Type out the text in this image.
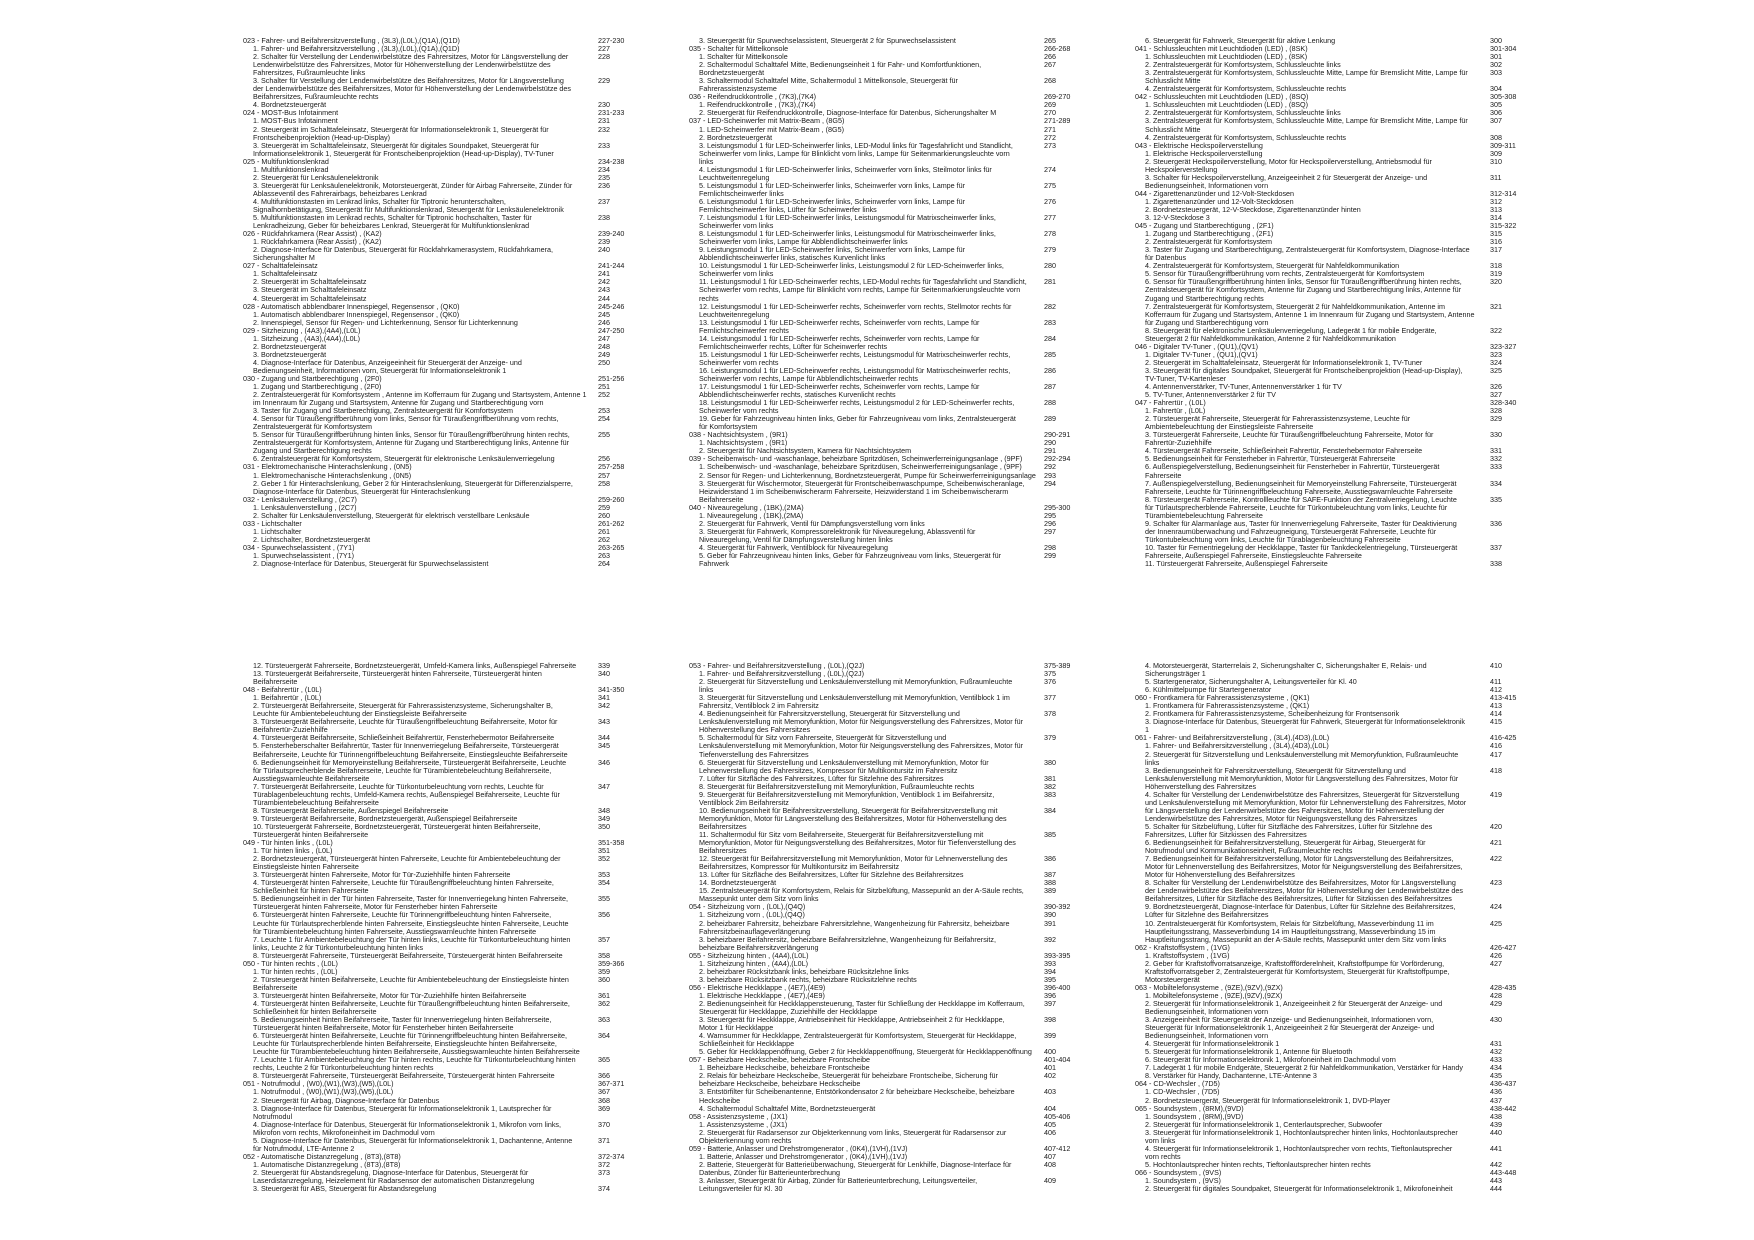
023 - Fahrer- und Beifahrersitzverstellung , (3L3),(L0L),(Q1A),(Q1D)	227-230
1. Fahrer- und Beifahrersitzverstellung , (3L3),(L0L),(Q1A),(Q1D)	227
2. Schalter für Verstellung der Lendenwirbelstütze des Fahrersitzes, Motor für Längsverstellung der	228
Lendenwirbelstütze des Fahrersitzes, Motor für Höhenverstellung der Lendenwirbelstütze des
Fahrersitzes, Fußraumleuchte links
3. Schalter für Verstellung der Lendenwirbelstütze des Beifahrersitzes, Motor für Längsverstellung	229
der Lendenwirbelstütze des Beifahrersitzes, Motor für Höhenverstellung der Lendenwirbelstütze des
Beifahrersitzes, Fußraumleuchte rechts
4. Bordnetzsteuergerät	230
024 - MOST-Bus Infotainment	231-233
1. MOST-Bus Infotainment	231
2. Steuergerät im Schalttafeleinsatz, Steuergerät für Informationselektronik 1, Steuergerät für	232
Frontscheibenprojektion (Head-up-Display)
3. Steuergerät im Schalttafeleinsatz, Steuergerät für digitales Soundpaket, Steuergerät für	233
Informationselektronik 1, Steuergerät für Frontscheibenprojektion (Head-up-Display), TV-Tuner
025 - Multifunktionslenkrad	234-238
1. Multifunktionslenkrad	234
2. Steuergerät für Lenksäulenelektronik	235
3. Steuergerät für Lenksäulenelektronik, Motorsteuergerät, Zünder für Airbag Fahrerseite, Zünder für	236
Ablasseventil des Fahrerairbags, beheizbares Lenkrad
4. Multifunktionstasten im Lenkrad links, Schalter für Tiptronic herunterschalten,	237
Signalhornbetätigung, Steuergerät für Multifunktionslenkrad, Steuergerät für Lenksäulenelektronik
5. Multifunktionstasten im Lenkrad rechts, Schalter für Tiptronic hochschalten, Taster für	238
Lenkradheizung, Geber für beheizbares Lenkrad, Steuergerät für Multifunktionslenkrad
026 - Rückfahrkamera (Rear Assist) , (KA2)	239-240
1. Rückfahrkamera (Rear Assist) , (KA2)	239
2. Diagnose-Interface für Datenbus, Steuergerät für Rückfahrkamerasystem, Rückfahrkamera,	240
Sicherungshalter M
027 - Schalttafeleinsatz	241-244
1. Schalttafeleinsatz	241
2. Steuergerät im Schalttafeleinsatz	242
3. Steuergerät im Schalttafeleinsatz	243
4. Steuergerät im Schalttafeleinsatz	244
028 - Automatisch abblendbarer Innenspiegel, Regensensor , (QK0)	245-246
1. Automatisch abblendbarer Innenspiegel, Regensensor , (QK0)	245
2. Innenspiegel, Sensor für Regen- und Lichterkennung, Sensor für Lichterkennung	246
029 - Sitzheizung , (4A3),(4A4),(L0L)	247-250
1. Sitzheizung , (4A3),(4A4),(L0L)	247
2. Bordnetzsteuergerät	248
3. Bordnetzsteuergerät	249
4. Diagnose-Interface für Datenbus, Anzeigeeinheit für Steuergerät der Anzeige- und	250
Bedienungseinheit, Informationen vorn, Steuergerät für Informationselektronik 1
030 - Zugang und Startberechtigung , (2F0)	251-256
1. Zugang und Startberechtigung , (2F0)	251
2. Zentralsteuergerät für Komfortsystem , Antenne im Kofferraum für Zugang und Startsystem, Antenne 1 252
im Innenraum für Zugang und Startsystem, Antenne für Zugang und Startberechtigung vorn
3. Taster für Zugang und Startberechtigung, Zentralsteuergerät für Komfortsystem	253
4. Sensor für Türaußengriffberührung vorn links, Sensor für Türaußengriffberührung vorn rechts,	254
Zentralsteuergerät für Komfortsystem
5. Sensor für Türaußengriffberührung hinten links, Sensor für Türaußengriffberührung hinten rechts,	255
Zentralsteuergerät für Komfortsystem, Antenne für Zugang und Startberechtigung links, Antenne für
Zugang und Startberechtigung rechts
6. Zentralsteuergerät für Komfortsystem, Steuergerät für elektronische Lenksäulenverriegelung	256
031 - Elektromechanische Hinterachslenkung , (0N5)	257-258
1. Elektromechanische Hinterachslenkung , (0N5)	257
2. Geber 1 für Hinterachslenkung, Geber 2 für Hinterachslenkung, Steuergerät für Differenzialsperre,	258
Diagnose-Interface für Datenbus, Steuergerät für Hinterachslenkung
032 - Lenksäulenverstellung , (2C7)	259-260
1. Lenksäulenverstellung , (2C7)	259
2. Schalter für Lenksäulenverstellung, Steuergerät für elektrisch verstellbare Lenksäule	260
033 - Lichtschalter	261-262
1. Lichtschalter	261
2. Lichtschalter, Bordnetzsteuergerät	262
034 - Spurwechselassistent , (7Y1)	263-265
1. Spurwechselassistent , (7Y1)	263
2. Diagnose-Interface für Datenbus, Steuergerät für Spurwechselassistent	264
3. Steuergerät für Spurwechselassistent, Steuergerät 2 für Spurwechselassistent	265
035 - Schalter für Mittelkonsole	266-268
1. Schalter für Mittelkonsole	266
2. Schaltermodul Schalttafel Mitte, Bedienungseinheit 1 für Fahr- und Komfortfunktionen,	267
Bordnetzsteuergerät
3. Schaltermodul Schalttafel Mitte, Schaltermodul 1 Mittelkonsole, Steuergerät für	268
Fahrerassistenzsysteme
036 - Reifendruckkontrolle , (7K3),(7K4)	269-270
1. Reifendruckkontrolle , (7K3),(7K4)	269
2. Steuergerät für Reifendruckkontrolle, Diagnose-Interface für Datenbus, Sicherungshalter M	270
037 - LED-Scheinwerfer mit Matrix-Beam , (8G5)	271-289
1. LED-Scheinwerfer mit Matrix-Beam , (8G5)	271
2. Bordnetzsteuergerät	272
3. Leistungsmodul 1 für LED-Scheinwerfer links, LED-Modul links für Tagesfahrlicht und Standlicht,	273
Scheinwerfer vorn links, Lampe für Blinklicht vorn links, Lampe für Seitenmarkierungsleuchte vorn
links
4. Leistungsmodul 1 für LED-Scheinwerfer links, Scheinwerfer vorn links, Steilmotor links für	274
Leuchtweitenregelung
5. Leistungsmodul 1 für LED-Scheinwerfer links, Scheinwerfer vorn links, Lampe für	275
Fernlichtscheinwerfer links
6. Leistungsmodul 1 für LED-Scheinwerfer links, Scheinwerfer vorn links, Lampe für	276
Fernlichtscheinwerfer links, Lüfter für Scheinwerfer links
7. Leistungsmodul 1 für LED-Scheinwerfer links, Leistungsmodul für Matrixscheinwerfer links,	277
Scheinwerfer vorn links
8. Leistungsmodul 1 für LED-Scheinwerfer links, Leistungsmodul für Matrixscheinwerfer links,	278
Scheinwerfer vorn links, Lampe für Abblendlichtscheinwerfer links
9. Leistungsmodul 1 für LED-Scheinwerfer links, Scheinwerfer vorn links, Lampe für	279
Abblendlichtscheinwerfer links, statisches Kurvenlicht links
10. Leistungsmodul 1 für LED-Scheinwerfer links, Leistungsmodul 2 für LED-Scheinwerfer links,	280
Scheinwerfer vorn links
11. Leistungsmodul 1 für LED-Scheinwerfer rechts, LED-Modul rechts für Tagesfahrlicht und Standlicht, 281
Scheinwerfer vorn rechts, Lampe für Blinklicht vorn rechts, Lampe für Seitenmarkierungsleuchte vorn
rechts
12. Leistungsmodul 1 für LED-Scheinwerfer rechts, Scheinwerfer vorn rechts, Stellmotor rechts für	282
Leuchtweitenregelung
13. Leistungsmodul 1 für LED-Scheinwerfer rechts, Scheinwerfer vorn rechts, Lampe für	283
Fernlichtscheinwerfer rechts
14. Leistungsmodul 1 für LED-Scheinwerfer rechts, Scheinwerfer vorn rechts, Lampe für	284
Fernlichtscheinwerfer rechts, Lüfter für Scheinwerfer rechts
15. Leistungsmodul 1 für LED-Scheinwerfer rechts, Leistungsmodul für Matrixscheinwerfer rechts,	285
Scheinwerfer vorn rechts
16. Leistungsmodul 1 für LED-Scheinwerfer rechts, Leistungsmodul für Matrixscheinwerfer rechts,	286
Scheinwerfer vorn rechts, Lampe für Abblendlichtscheinwerfer rechts
17. Leistungsmodul 1 für LED-Scheinwerfer rechts, Scheinwerfer vorn rechts, Lampe für	287
Abblendlichtscheinwerfer rechts, statisches Kurvenlicht rechts
18. Leistungsmodul 1 für LED-Scheinwerfer rechts, Leistungsmodul 2 für LED-Scheinwerfer rechts,	288
Scheinwerfer vorn rechts
19. Geber für Fahrzeugniveau hinten links, Geber für Fahrzeugniveau vorn links, Zentralsteuergerät	289
für Komfortsystem
038 - Nachtsichtsystem , (9R1)	290-291
1. Nachtsichtsystem , (9R1)	290
2. Steuergerät für Nachtsichtsystem, Kamera für Nachtsichtsystem	291
039 - Scheibenwisch- und -waschanlage, beheizbare Spritzdüsen, Scheinwerferreinigungsanlage , (9PF)	292-294
1. Scheibenwisch- und -waschanlage, beheizbare Spritzdüsen, Scheinwerferreinigungsanlage , (9PF)	292
2. Sensor für Regen- und Lichterkennung, Bordnetzsteuergerät, Pumpe für Scheinwerferreinigungsanlage 293
3. Steuergerät für Wischermotor, Steuergerät für Frontscheibenwaschpumpe, Scheibenwischeranlage,	294
Heizwiderstand 1 im Scheibenwischerarm Fahrerseite, Heizwiderstand 1 im Scheibenwischerarm
Beifahrerseite
040 - Niveauregelung , (1BK),(2MA)	295-300
1. Niveauregelung , (1BK),(2MA)	295
2. Steuergerät für Fahrwerk, Ventil für Dämpfungsverstellung vorn links	296
3. Steuergerät für Fahrwerk, Kompressorelektronik für Niveauregelung, Ablassventil für	297
Niveauregelung, Ventil für Dämpfungsverstellung hinten links
4. Steuergerät für Fahrwerk, Ventilblock für Niveauregelung	298
5. Geber für Fahrzeugniveau hinten links, Geber für Fahrzeugniveau vorn links, Steuergerät für	299
Fahrwerk
6. Steuergerät für Fahrwerk, Steuergerät für aktive Lenkung	300
041 - Schlussleuchten mit Leuchtdioden (LED) , (8SK)	301-304
1. Schlussleuchten mit Leuchtdioden (LED) , (8SK)	301
2. Zentralsteuergerät für Komfortsystem, Schlussleuchte links	302
3. Zentralsteuergerät für Komfortsystem, Schlussleuchte Mitte, Lampe für Bremslicht Mitte, Lampe für	303
Schlusslicht Mitte
4. Zentralsteuergerät für Komfortsystem, Schlussleuchte rechts	304
042 - Schlussleuchten mit Leuchtdioden (LED) , (8SQ)	305-308
1. Schlussleuchten mit Leuchtdioden (LED) , (8SQ)	305
2. Zentralsteuergerät für Komfortsystem, Schlussleuchte links	306
3. Zentralsteuergerät für Komfortsystem, Schlussleuchte Mitte, Lampe für Bremslicht Mitte, Lampe für	307
Schlusslicht Mitte
4. Zentralsteuergerät für Komfortsystem, Schlussleuchte rechts	308
043 - Elektrische Heckspoilerverstellung	309-311
1. Elektrische Heckspoilerverstellung	309
2. Steuergerät Heckspoilerverstellung, Motor für Heckspoilerverstellung, Antriebsmodul für	310
Heckspoilerverstellung
3. Schalter für Heckspoilerverstellung, Anzeigeeinheit 2 für Steuergerät der Anzeige- und	311
Bedienungseinheit, Informationen vorn
044 - Zigarettenanzünder und 12-Volt-Steckdosen	312-314
1. Zigarettenanzünder und 12-Volt-Steckdosen	312
2. Bordnetzsteuergerät, 12-V-Steckdose, Zigarettenanzünder hinten	313
3. 12-V-Steckdose 3	314
045 - Zugang und Startberechtigung , (2F1)	315-322
1. Zugang und Startberechtigung , (2F1)	315
2. Zentralsteuergerät für Komfortsystem	316
3. Taster für Zugang und Startberechtigung, Zentralsteuergerät für Komfortsystem, Diagnose-Interface	317
für Datenbus
4. Zentralsteuergerät für Komfortsystem, Steuergerät für Nahfeldkommunikation	318
5. Sensor für Türaußengriffberührung vorn rechts, Zentralsteuergerät für Komfortsystem	319
6. Sensor für Türaußengriffberührung hinten links, Sensor für Türaußengriffberührung hinten rechts,	320
Zentralsteuergerät für Komfortsystem, Antenne für Zugang und Startberechtigung links, Antenne für
Zugang und Startberechtigung rechts
7. Zentralsteuergerät für Komfortsystem, Steuergerät 2 für Nahfeldkommunikation, Antenne im	321
Kofferraum für Zugang und Startsystem, Antenne 1 im Innenraum für Zugang und Startsystem, Antenne
für Zugang und Startberechtigung vorn
8. Steuergerät für elektronische Lenksäulenverriegelung, Ladegerät 1 für mobile Endgeräte,	322
Steuergerät 2 für Nahfeldkommunikation, Antenne 2 für Nahfeldkommunikation
046 - Digitaler TV-Tuner , (QU1),(QV1)	323-327
1. Digitaler TV-Tuner , (QU1),(QV1)	323
2. Steuergerät im Schalttafeleinsatz, Steuergerät für Informationselektronik 1, TV-Tuner	324
3. Steuergerät für digitales Soundpaket, Steuergerät für Frontscheibenprojektion (Head-up-Display),	325
TV-Tuner, TV-Kartenleser
4. Antennenverstärker, TV-Tuner, Antennenverstärker 1 für TV	326
5. TV-Tuner, Antennenverstärker 2 für TV	327
047 - Fahrertür , (L0L)	328-340
1. Fahrertür , (L0L)	328
2. Türsteuergerät Fahrerseite, Steuergerät für Fahrerassistenzsysteme, Leuchte für	329
Ambientebeleuchtung der Einstiegsleiste Fahrerseite
3. Türsteuergerät Fahrerseite, Leuchte für Türaußengriffbeleuchtung Fahrerseite, Motor für	330
Fahrertür-Zuziehhilfe
4. Türsteuergerät Fahrerseite, Schließeinheit Fahrertür, Fensterhebermotor Fahrerseite	331
5. Bedienungseinheit für Fensterheber in Fahrertür, Türsteuergerät Fahrerseite	332
6. Außenspiegelverstellung, Bedienungseinheit für Fensterheber in Fahrertür, Türsteuergerät	333
Fahrerseite
7. Außenspiegelverstellung, Bedienungseinheit für Memoryeinstellung Fahrerseite, Türsteuergerät	334
Fahrerseite, Leuchte für Türinnengriffbeleuchtung Fahrerseite, Ausstiegswarnleuchte Fahrerseite
8. Türsteuergerät Fahrerseite, Kontrollleuchte für SAFE-Funktion der Zentralverriegelung, Leuchte	335
für Türlautsprecherblende Fahrerseite, Leuchte für Türkontubeleuchtung vorn links, Leuchte für
Türambientebeleuchtung Fahrerseite
9. Schalter für Alarmanlage aus, Taster für Innenverriegelung Fahrerseite, Taster für Deaktivierung	336
der Innenraumüberwachung und Fahrzeugneigung, Türsteuergerät Fahrerseite, Leuchte für
Türkontubeleuchtung vorn links, Leuchte für Türablagenbeleuchtung Fahrerseite
10. Taster für Fernentriegelung der Heckklappe, Taster für Tankdeckelentriegelung, Türsteuergerät	337
Fahrerseite, Außenspiegel Fahrerseite, Einstiegsleuchte Fahrerseite
11. Türsteuergerät Fahrerseite, Außenspiegel Fahrerseite	338
12. Türsteuergerät Fahrerseite, Bordnetzsteuergerät, Umfeld-Kamera links, Außenspiegel Fahrerseite	339
13. Türsteuergerät Beifahrerseite, Türsteuergerät hinten Fahrerseite, Türsteuergerät hinten	340
Beifahrerseite
048 - Beifahrertür , (L0L)	341-350
1. Beifahrertür , (L0L)	341
2. Türsteuergerät Beifahrerseite, Steuergerät für Fahrerassistenzsysteme, Sicherungshalter B,	342
Leuchte für Ambientebeleuchtung der Einstiegsleiste Beifahrerseite
3. Türsteuergerät Beifahrerseite, Leuchte für Türaußengriffbeleuchtung Beifahrerseite, Motor für	343
Beifahrertür-Zuziehhilfe
4. Türsteuergerät Beifahrerseite, Schließeinheit Beifahrertür, Fensterhebermotor Beifahrerseite	344
5. Fensterheberschalter Beifahrertür, Taster für Innenverriegelung Beifahrerseite, Türsteuergerät	345
Beifahrerseite, Leuchte für Türinnengriffbeleuchtung Beifahrerseite, Einstiegsleuchte Beifahrerseite
6. Bedienungseinheit für Memoryeinstellung Beifahrerseite, Türsteuergerät Beifahrerseite, Leuchte	346
für Türlautsprecherblende Beifahrerseite, Leuchte für Türambientebeleuchtung Beifahrerseite,
Ausstiegswarnleuchte Beifahrerseite
7. Türsteuergerät Beifahrerseite, Leuchte für Türkonturbeleuchtung vorn rechts, Leuchte für	347
Türablagenbeleuchtung rechts, Umfeld-Kamera rechts, Außenspiegel Beifahrerseite, Leuchte für
Türambientebeleuchtung Beifahrerseite
8. Türsteuergerät Beifahrerseite, Außenspiegel Beifahrerseite	348
9. Türsteuergerät Beifahrerseite, Bordnetzsteuergerät, Außenspiegel Beifahrerseite	349
10. Türsteuergerät Fahrerseite, Bordnetzsteuergerät, Türsteuergerät hinten Beifahrerseite,	350
Türsteuergerät hinten Beifahrerseite
049 - Tür hinten links , (L0L)	351-358
1. Tür hinten links , (L0L)	351
2. Bordnetzsteuergerät, Türsteuergerät hinten Fahrerseite, Leuchte für Ambientebeleuchtung der	352
Einstiegsleiste hinten Fahrerseite
3. Türsteuergerät hinten Fahrerseite, Motor für Tür-Zuziehhilfe hinten Fahrerseite	353
4. Türsteuergerät hinten Fahrerseite, Leuchte für Türaußengriffbeleuchtung hinten Fahrerseite,	354
Schließeinheit für hinten Fahrerseite
5. Bedienungseinheit in der Tür hinten Fahrerseite, Taster für Innenverriegelung hinten Fahrerseite,	355
Türsteuergerät hinten Fahrerseite, Motor für Fensterheber hinten Fahrerseite
6. Türsteuergerät hinten Fahrerseite, Leuchte für Türinnengriffbeleuchtung hinten Fahrerseite,	356
Leuchte für Türlautsprecherblende hinten Fahrerseite, Einstiegsleuchte hinten Fahrerseite, Leuchte
für Türambientebeleuchtung hinten Fahrerseite, Ausstiegswarnleuchte hinten Fahrerseite
7. Leuchte 1 für Ambientebeleuchtung der Tür hinten links, Leuchte für Türkonturbeleuchtung hinten	357
links, Leuchte 2 für Türkonturbeleuchtung hinten links
8. Türsteuergerät Fahrerseite, Türsteuergerät Beifahrerseite, Türsteuergerät hinten Beifahrerseite	358
050 - Tür hinten rechts , (L0L)	359-366
1. Tür hinten rechts , (L0L)	359
2. Türsteuergerät hinten Beifahrerseite, Leuchte für Ambientebeleuchtung der Einstiegsleiste hinten	360
Beifahrerseite
3. Türsteuergerät hinten Beifahrerseite, Motor für Tür-Zuziehhilfe hinten Beifahrerseite	361
4. Türsteuergerät hinten Beifahrerseite, Leuchte für Türaußengriffbeleuchtung hinten Beifahrerseite,	362
Schließeinheit für hinten Beifahrerseite
5. Bedienungseinheit hinten Beifahrerseite, Taster für Innenverriegelung hinten Beifahrerseite,	363
Türsteuergerät hinten Beifahrerseite, Motor für Fensterheber hinten Beifahrerseite
6. Türsteuergerät hinten Beifahrerseite, Leuchte für Türinnengriffbeleuchtung hinten Beifahrerseite,	364
Leuchte für Türlautsprecherblende hinten Beifahrerseite, Einstiegsleuchte hinten Beifahrerseite,
Leuchte für Türambientebeleuchtung hinten Beifahrerseite, Ausstiegswarnleuchte hinten Beifahrerseite
7. Leuchte 1 für Ambientebeleuchtung der Tür hinten rechts, Leuchte für Türkonturbeleuchtung hinten	365
rechts, Leuchte 2 für Türkonturbeleuchtung hinten rechts
8. Türsteuergerät Fahrerseite, Türsteuergerät Beifahrerseite, Türsteuergerät hinten Fahrerseite	366
051 - Notrufmodul , (W0),(W1),(W3),(W5),(L0L)	367-371
1. Notrufmodul , (W0),(W1),(W3),(W5),(L0L)	367
2. Steuergerät für Airbag, Diagnose-Interface für Datenbus	368
3. Diagnose-Interface für Datenbus, Steuergerät für Informationselektronik 1, Lautsprecher für	369
Notrufmodul
4. Diagnose-Interface für Datenbus, Steuergerät für Informationselektronik 1, Mikrofon vorn links,	370
Mikrofon vorn rechts, Mikrofoneinheit im Dachmodul vorn
5. Diagnose-Interface für Datenbus, Steuergerät für Informationselektronik 1, Dachantenne, Antenne	371
für Notrufmodul, LTE-Antenne 2
052 - Automatische Distanzregelung , (8T3),(8T8)	372-374
1. Automatische Distanzregelung , (8T3),(8T8)	372
2. Steuergerät für Abstandsregelung, Diagnose-Interface für Datenbus, Steuergerät für	373
Laserdistanzregelung, Heizelement für Radarsensor der automatischen Distanzregelung
3. Steuergerät für ABS, Steuergerät für Abstandsregelung	374
053 - Fahrer- und Beifahrersitzverstellung , (L0L),(Q2J)	375-389
1. Fahrer- und Beifahrersitzverstellung , (L0L),(Q2J)	375
2. Steuergerät für Sitzverstellung und Lenksäulenverstellung mit Memoryfunktion, Fußraumleuchte	376
links
3. Steuergerät für Sitzverstellung und Lenksäulenverstellung mit Memoryfunktion, Ventilblock 1 im	377
Fahrersitz, Ventilblock 2 im Fahrersitz
4. Bedienungseinheit für Fahrersitzverstellung, Steuergerät für Sitzverstellung und	378
Lenksäulenverstellung mit Memoryfunktion, Motor für Neigungsverstellung des Fahrersitzes, Motor für
Höhenverstellung des Fahrersitzes
5. Schaltermodul für Sitz vorn Fahrerseite, Steuergerät für Sitzverstellung und	379
Lenksäulenverstellung mit Memoryfunktion, Motor für Neigungsverstellung des Fahrersitzes, Motor für
Tiefenverstellung des Fahrersitzes
6. Steuergerät für Sitzverstellung und Lenksäulenverstellung mit Memoryfunktion, Motor für	380
Lehnenverstellung des Fahrersitzes, Kompressor für Multikontursitz im Fahrersitz
7. Lüfter für Sitzfläche des Fahrersitzes, Lüfter für Sitzlehne des Fahrersitzes	381
8. Steuergerät für Beifahrersitzverstellung mit Memoryfunktion, Fußraumleuchte rechts	382
9. Steuergerät für Beifahrersitzverstellung mit Memoryfunktion, Ventilblock 1 im Beifahrersitz,	383
Ventilblock 2im Beifahrersitz
10. Bedienungseinheit für Beifahrersitzverstellung, Steuergerät für Beifahrersitzverstellung mit	384
Memoryfunktion, Motor für Längsverstellung des Beifahrersitzes, Motor für Höhenverstellung des
Beifahrersitzes
11. Schaltermodul für Sitz vorn Beifahrerseite, Steuergerät für Beifahrersitzverstellung mit	385
Memoryfunktion, Motor für Neigungsverstellung des Beifahrersitzes, Motor für Tiefenverstellung des
Beifahrersitzes
12. Steuergerät für Beifahrersitzverstellung mit Memoryfunktion, Motor für Lehnenverstellung des	386
Beifahrersitzes, Kompressor für Multikontursitz im Beifahrersitz
13. Lüfter für Sitzfläche des Beifahrersitzes, Lüfter für Sitzlehne des Beifahrersitzes	387
14. Bordnetzsteuergerät	388
15. Zentralsteuergerät für Komfortsystem, Relais für Sitzbelüftung, Massepunkt an der A-Säule rechts,	389
Massepunkt unter dem Sitz vorn links
054 - Sitzheizung vorn , (L0L),(Q4Q)	390-392
1. Sitzheizung vorn , (L0L),(Q4Q)	390
2. beheizbarer Fahrersitz, beheizbare Fahrersitzlehne, Wangenheizung für Fahrersitz, beheizbare	391
Fahrersitzbeinauflageverlängerung
3. beheizbarer Beifahrersitz, beheizbare Beifahrersitzlehne, Wangenheizung für Beifahrersitz,	392
beheizbare Beifahrersitzverlängerung
055 - Sitzheizung hinten , (4A4),(L0L)	393-395
1. Sitzheizung hinten , (4A4),(L0L)	393
2. beheizbarer Rücksitzbank links, beheizbare Rücksitzlehne links	394
3. beheizbare Rücksitzbank rechts, beheizbare Rücksitzlehne rechts	395
056 - Elektrische Heckklappe , (4E7),(4E9)	396-400
1. Elektrische Heckklappe , (4E7),(4E9)	396
2. Bedienungseinheit für Heckklappensteuerung, Taster für Schließung der Heckklappe im Kofferraum,	397
Steuergerät für Heckklappe, Zuziehhilfe der Heckklappe
3. Steuergerät für Heckklappe, Antriebseinheit für Heckklappe, Antriebseinheit 2 für Heckklappe,	398
Motor 1 für Heckklappe
4. Warnsummer für Heckklappe, Zentralsteuergerät für Komfortsystem, Steuergerät für Heckklappe,	399
Schließeinheit für Heckklappe
5. Geber für Heckklappenöffnung, Geber 2 für Heckklappenöffnung, Steuergerät für Heckklappenöffnung 400
057 - Beheizbare Heckscheibe, beheizbare Frontscheibe	401-404
1. Beheizbare Heckscheibe, beheizbare Frontscheibe	401
2. Relais für beheizbare Heckscheibe, Steuergerät für beheizbare Frontscheibe, Sicherung für	402
beheizbare Heckscheibe, beheizbare Heckscheibe
3. Entstörfilter für Scheibenantenne, Entstörkondensator 2 für beheizbare Heckscheibe, beheizbare	403
Heckscheibe
4. Schaltermodul Schalttafel Mitte, Bordnetzsteuergerät	404
058 - Assistenzsysteme , (JX1)	405-406
1. Assistenzsysteme , (JX1)	405
2. Steuergerät für Radarsensor zur Objekterkennung vorn links, Steuergerät für Radarsensor zur	406
Objekterkennung vorn rechts
059 - Batterie, Anlasser und Drehstromgenerator , (0K4),(1VH),(1VJ)	407-412
1. Batterie, Anlasser und Drehstromgenerator , (0K4),(1VH),(1VJ)	407
2. Batterie, Steuergerät für Batterieüberwachung, Steuergerät für Lenkhilfe, Diagnose-Interface für	408
Datenbus, Zünder für Batterieunterbrechung
3. Anlasser, Steuergerät für Airbag, Zünder für Batterieunterbrechung, Leitungsverteiler,	409
Leitungsverteiler für Kl. 30
4. Motorsteuergerät, Starterrelais 2, Sicherungshalter C, Sicherungshalter E, Relais- und	410
Sicherungsträger 1
5. Startergenerator, Sicherungshalter A, Leitungsverteiler für Kl. 40	411
6. Kühlmittelpumpe für Startergenerator	412
060 - Frontkamera für Fahrerassistenzsysteme , (QK1)	413-415
1. Frontkamera für Fahrerassistenzsysteme , (QK1)	413
2. Frontkamera für Fahrerassistenzsysteme, Scheibenheizung für Frontsensorik	414
3. Diagnose-Interface für Datenbus, Steuergerät für Fahrwerk, Steuergerät für Informationselektronik	415
1
061 - Fahrer- und Beifahrersitzverstellung , (3L4),(4D3),(L0L)	416-425
1. Fahrer- und Beifahrersitzverstellung , (3L4),(4D3),(L0L)	416
2. Steuergerät für Sitzverstellung und Lenksäulenverstellung mit Memoryfunktion, Fußraumleuchte	417
links
3. Bedienungseinheit für Fahrersitzverstellung, Steuergerät für Sitzverstellung und	418
Lenksäulenverstellung mit Memoryfunktion, Motor für Längsverstellung des Fahrersitzes, Motor für
Höhenverstellung des Fahrersitzes
4. Schalter für Verstellung der Lendenwirbelstütze des Fahrersitzes, Steuergerät für Sitzverstellung	419
und Lenksäulenverstellung mit Memoryfunktion, Motor für Lehnenverstellung des Fahrersitzes, Motor
für Längsverstellung der Lendenwirbelstütze des Fahrersitzes, Motor für Höhenverstellung der
Lendenwirbelstütze des Fahrersitzes, Motor für Neigungsverstellung des Fahrersitzes
5. Schalter für Sitzbelüftung, Lüfter für Sitzfläche des Fahrersitzes, Lüfter für Sitzlehne des	420
Fahrersitzes, Lüfter für Sitzkissen des Fahrersitzes
6. Bedienungseinheit für Beifahrersitzverstellung, Steuergerät für Airbag, Steuergerät für	421
Notrufmodul und Kommunikationseinheit, Fußraumleuchte rechts
7. Bedienungseinheit für Beifahrersitzverstellung, Motor für Längsverstellung des Beifahrersitzes,	422
Motor für Lehnenverstellung des Beifahrersitzes, Motor für Neigungsverstellung des Beifahrersitzes,
Motor für Höhenverstellung des Beifahrersitzes
8. Schalter für Verstellung der Lendenwirbelstütze des Beifahrersitzes, Motor für Längsverstellung	423
der Lendenwirbelstütze des Beifahrersitzes, Motor für Höhenverstellung der Lendenwirbelstütze des
Beifahrersitzes, Lüfter für Sitzfläche des Beifahrersitzes, Lüfter für Sitzkissen des Beifahrersitzes
9. Bordnetzsteuergerät, Diagnose-Interface für Datenbus, Lüfter für Sitzlehne des Beifahrersitzes,	424
Lüfter für Sitzlehne des Beifahrersitzes
10. Zentralsteuergerät für Komfortsystem, Relais für Sitzbelüftung, Masseverbindung 11 im	425
Hauptleitungsstrang, Masseverbindung 14 im Hauptleitungsstrang, Masseverbindung 15 im
Hauptleitungsstrang, Massepunkt an der A-Säule rechts, Massepunkt unter dem Sitz vorn links
062 - Kraftstoffsystem , (1VG)	426-427
1. Kraftstoffsystem , (1VG)	426
2. Geber für Kraftstoffvorratsanzeige, Kraftstoffförderelnheit, Kraftstoffpumpe für Vorförderung,	427
Kraftstoffvorratsgeber 2, Zentralsteuergerät für Komfortsystem, Steuergerät für Kraftstoffpumpe,
Motorsteuergerät
063 - Mobiltelefonsysteme , (9ZE),(9ZV),(9ZX)	428-435
1. Mobiltelefonsysteme , (9ZE),(9ZV),(9ZX)	428
2. Steuergerät für Informationselektronik 1, Anzeigeeinheit 2 für Steuergerät der Anzeige- und	429
Bedienungseinheit, Informationen vorn
3. Anzeigeeinheit für Steuergerät der Anzeige- und Bedienungseinheit, Informationen vorn,	430
Steuergerät für Informationselektronik 1, Anzeigeeinheit 2 für Steuergerät der Anzeige- und
Bedienungseinheit, Informationen vorn
4. Steuergerät für Informationselektronik 1	431
5. Steuergerät für Informationselektronik 1, Antenne für Bluetooth	432
6. Steuergerät für Informationselektronik 1, Mikrofoneinheit im Dachmodul vorn	433
7. Ladegerät 1 für mobile Endgeräte, Steuergerät 2 für Nahfeldkommunikation, Verstärker für Handy	434
8. Verstärker für Handy, Dachantenne, LTE-Antenne 3	435
064 - CD-Wechsler , (7D5)	436-437
1. CD-Wechsler , (7D5)	436
2. Bordnetzsteuergerät, Steuergerät für Informationselektronik 1, DVD-Player	437
065 - Soundsystem , (8RM),(9VD)	438-442
1. Soundsystem , (8RM),(9VD)	438
2. Steuergerät für Informationselektronik 1, Centerlautsprecher, Subwoofer	439
3. Steuergerät für Informationselektronik 1, Hochtonlautsprecher hinten links, Hochtonlautsprecher	440
vorn links
4. Steuergerät für Informationselektronik 1, Hochtonlautsprecher vorn rechts, Tieftonlautsprecher	441
vorn rechts
5. Hochtonlautsprecher hinten rechts, Tieftonlautsprecher hinten rechts	442
066 - Soundsystem , (9VS)	443-448
1. Soundsystem , (9VS)	443
2. Steuergerät für digitales Soundpaket, Steuergerät für Informationselektronik 1, Mikrofoneinheit	444
